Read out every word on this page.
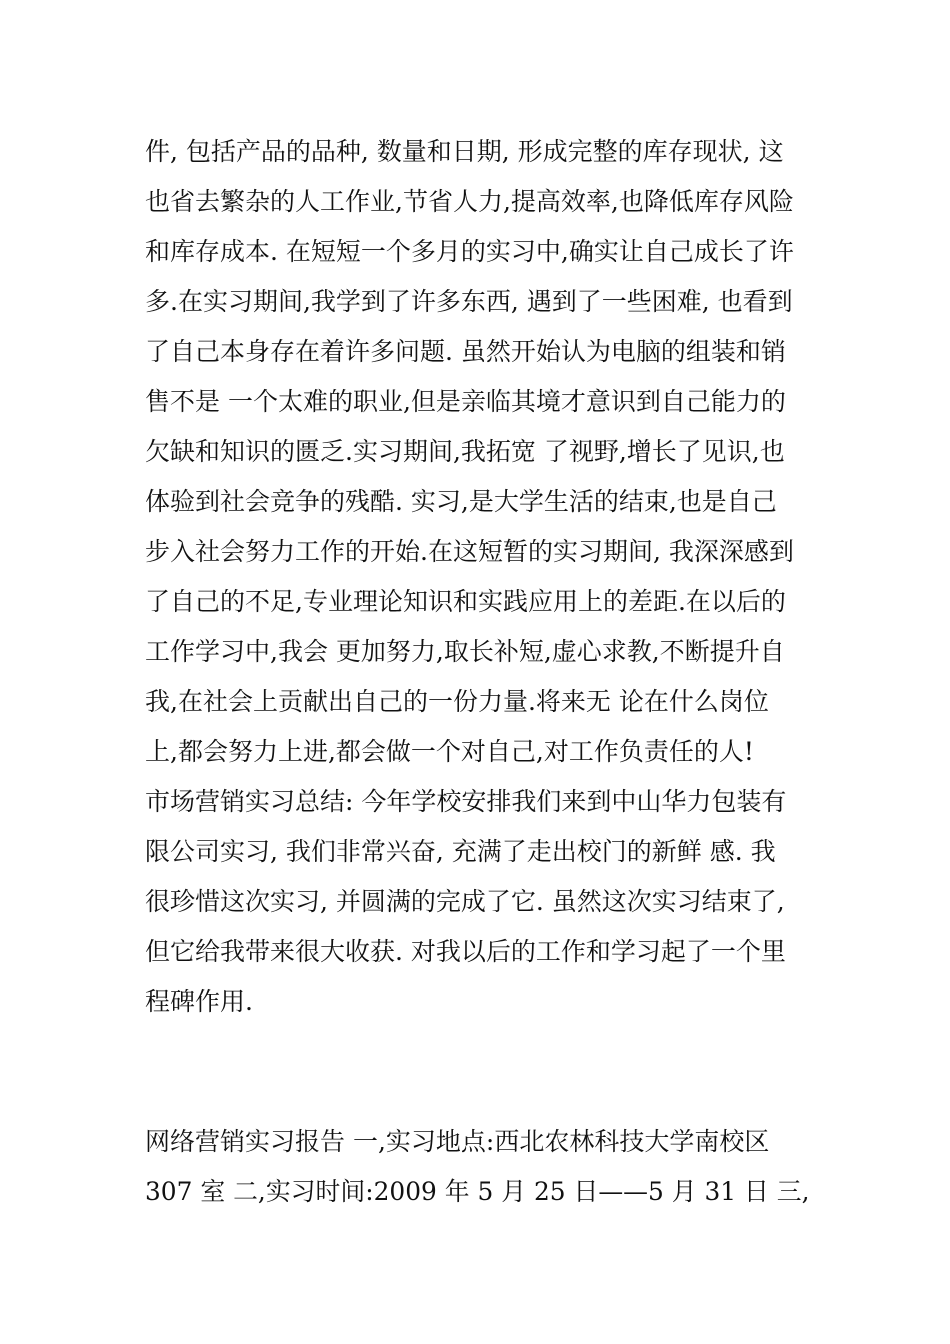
件, 包括产品的品种, 数量和日期, 形成完整的库存现状, 这
也省去繁杂的人工作业,节省人力,提高效率,也降低库存风险
和库存成本. 在短短一个多月的实习中,确实让自己成长了许
多.在实习期间,我学到了许多东西, 遇到了一些困难, 也看到
了自己本身存在着许多问题. 虽然开始认为电脑的组装和销
售不是 一个太难的职业,但是亲临其境才意识到自己能力的
欠缺和知识的匮乏.实习期间,我拓宽 了视野,增长了见识,也
体验到社会竞争的残酷. 实习,是大学生活的结束,也是自己
步入社会努力工作的开始.在这短暂的实习期间, 我深深感到
了自己的不足,专业理论知识和实践应用上的差距.在以后的
工作学习中,我会 更加努力,取长补短,虚心求教,不断提升自
我,在社会上贡献出自己的一份力量.将来无 论在什么岗位
上,都会努力上进,都会做一个对自己,对工作负责任的人!
市场营销实习总结: 今年学校安排我们来到中山华力包装有
限公司实习, 我们非常兴奋, 充满了走出校门的新鲜 感. 我
很珍惜这次实习, 并圆满的完成了它. 虽然这次实习结束了,
但它给我带来很大收获. 对我以后的工作和学习起了一个里
程碑作用.
网络营销实习报告 一,实习地点:西北农林科技大学南校区
307 室 二,实习时间:2009 年 5 月 25 日——5 月 31 日 三,
